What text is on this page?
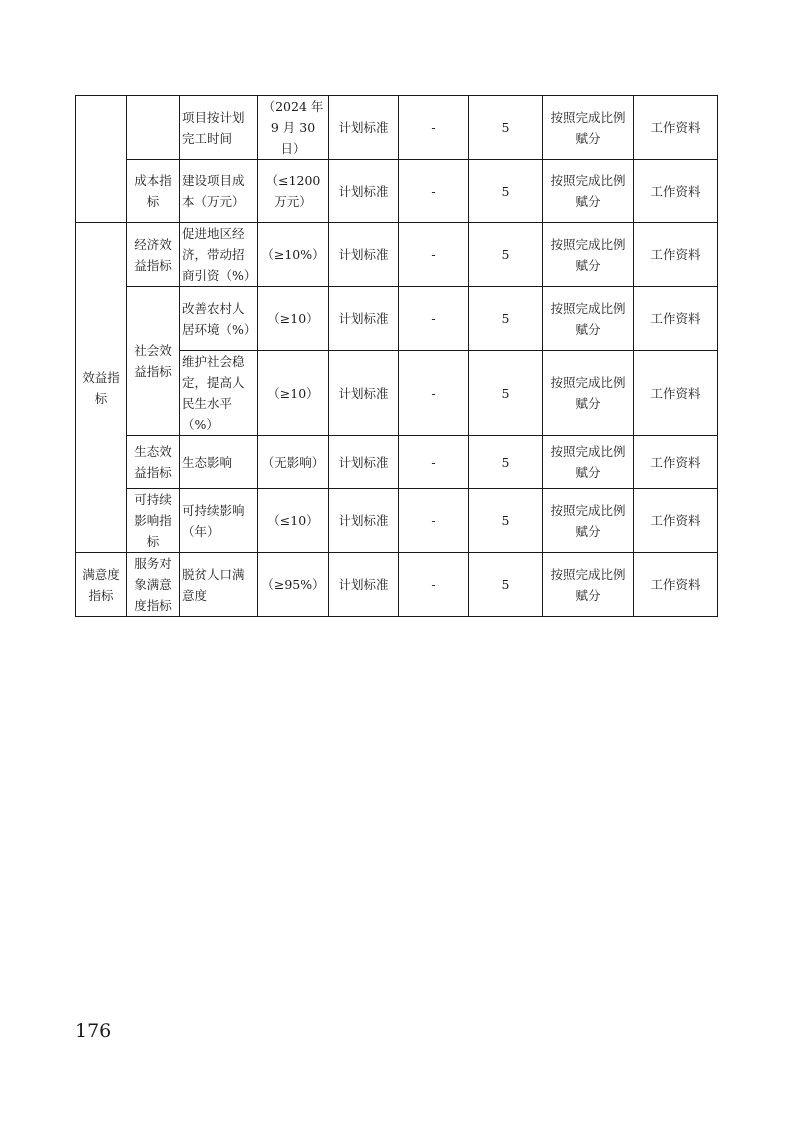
		项目按计划完工时间	（2024 年 9 月 30 日）	计划标准	-	5	按照完成比例赋分	工作资料
	成本指标	建设项目成本（万元）	（≤1200万元）	计划标准	-	5	按照完成比例赋分	工作资料
效益指标	经济效益指标	促进地区经济，带动招商引资（%）	（≥10%）	计划标准	-	5	按照完成比例赋分	工作资料
	社会效益指标	改善农村人居环境（%）	（≥10）	计划标准	-	5	按照完成比例赋分	工作资料
		维护社会稳定，提高人民生水平（%）	（≥10）	计划标准	-	5	按照完成比例赋分	工作资料
	生态效益指标	生态影响	（无影响）	计划标准	-	5	按照完成比例赋分	工作资料
	可持续影响指标	可持续影响（年）	（≤10）	计划标准	-	5	按照完成比例赋分	工作资料
满意度指标	服务对象满意度指标	脱贫人口满意度	（≥95%）	计划标准	-	5	按照完成比例赋分	工作资料
176
